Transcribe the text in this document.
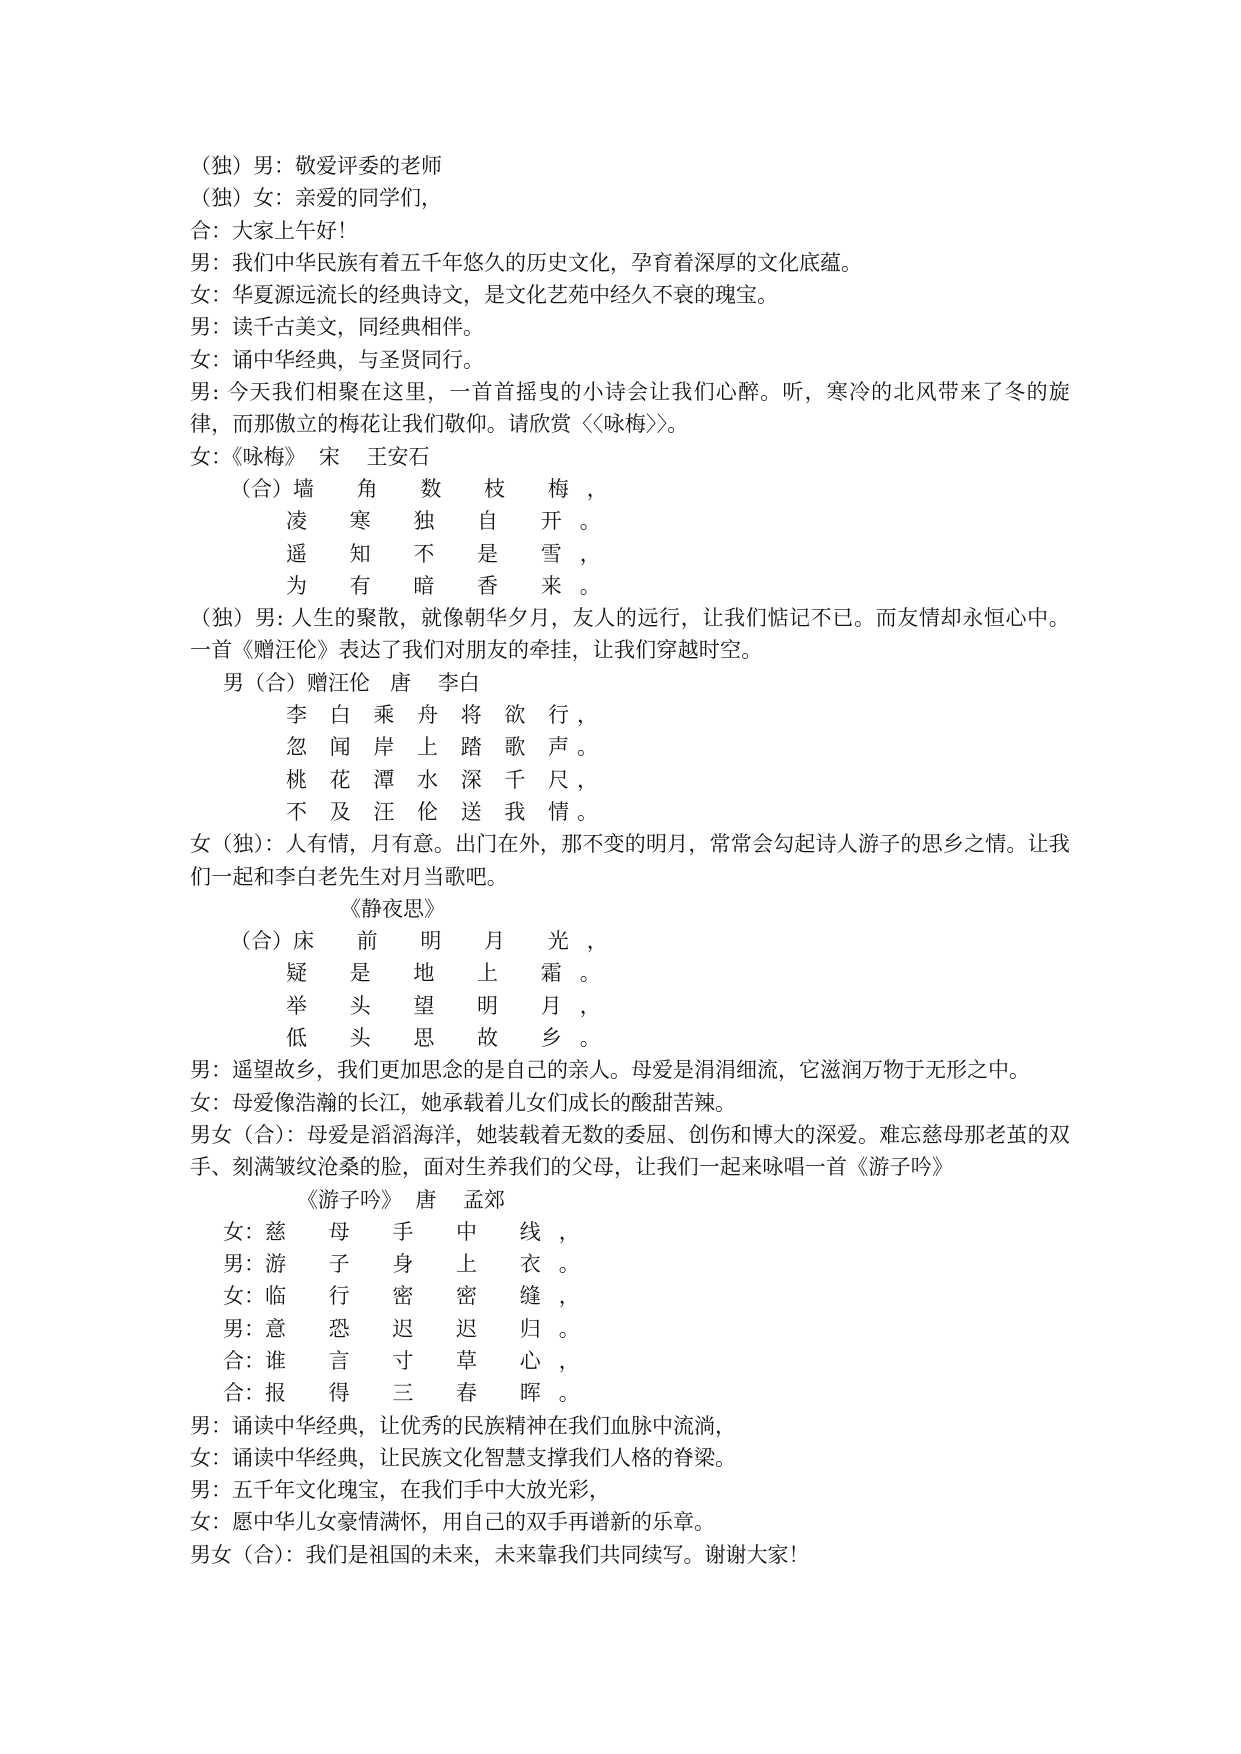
（独）男：敬爱评委的老师

（独）女：亲爱的同学们，

合：大家上午好！

男：我们中华民族有着五千年悠久的历史文化，孕育着深厚的文化底蕴。

女：华夏源远流长的经典诗文，是文化艺苑中经久不衰的瑰宝。

男：读千古美文，同经典相伴。

女：诵中华经典，与圣贤同行。

男: 今天我们相聚在这里，一首首摇曳的小诗会让我们心醉。听，寒冷的北风带来了冬的旋律，而那傲立的梅花让我们敬仰。请欣赏〈〈咏梅〉〉。

女：《咏梅》  宋    王安石

（合）墙 角 数 枝 梅，

凌 寒 独 自 开。

遥 知 不 是 雪，

为 有 暗 香 来。

（独）男: 人生的聚散，就像朝华夕月，友人的远行，让我们惦记不已。而友情却永恒心中。一首《赠汪伦》表达了我们对朋友的牵挂，让我们穿越时空。

男（合）赠汪伦   唐    李白

李 白 乘 舟 将 欲 行，

忽 闻 岸 上 踏 歌 声。

桃 花 潭 水 深 千 尺，

不 及 汪 伦 送 我 情。

女（独）：人有情，月有意。出门在外，那不变的明月，常常会勾起诗人游子的思乡之情。让我们一起和李白老先生对月当歌吧。

《静夜思》

（合）床 前 明 月 光，

疑 是 地 上 霜。

举 头 望 明 月，

低 头 思 故 乡。

男：遥望故乡，我们更加思念的是自己的亲人。母爱是涓涓细流，它滋润万物于无形之中。

女：母爱像浩瀚的长江，她承载着儿女们成长的酸甜苦辣。

男女（合）：母爱是滔滔海洋，她装载着无数的委屈、创伤和博大的深爱。难忘慈母那老茧的双手、刻满皱纹沧桑的脸，面对生养我们的父母，让我们一起来咏唱一首《游子吟》

《游子吟》  唐    孟郊

女：慈 母 手 中 线，

男：游 子 身 上 衣。

女：临 行 密 密 缝，

男：意 恐 迟 迟 归。

合：谁 言 寸 草 心，

合：报 得 三 春 晖。

男：诵读中华经典，让优秀的民族精神在我们血脉中流淌，

女：诵读中华经典，让民族文化智慧支撑我们人格的脊梁。

男：五千年文化瑰宝，在我们手中大放光彩，

女：愿中华儿女豪情满怀，用自己的双手再谱新的乐章。

男女（合）：我们是祖国的未来，未来靠我们共同续写。谢谢大家！
